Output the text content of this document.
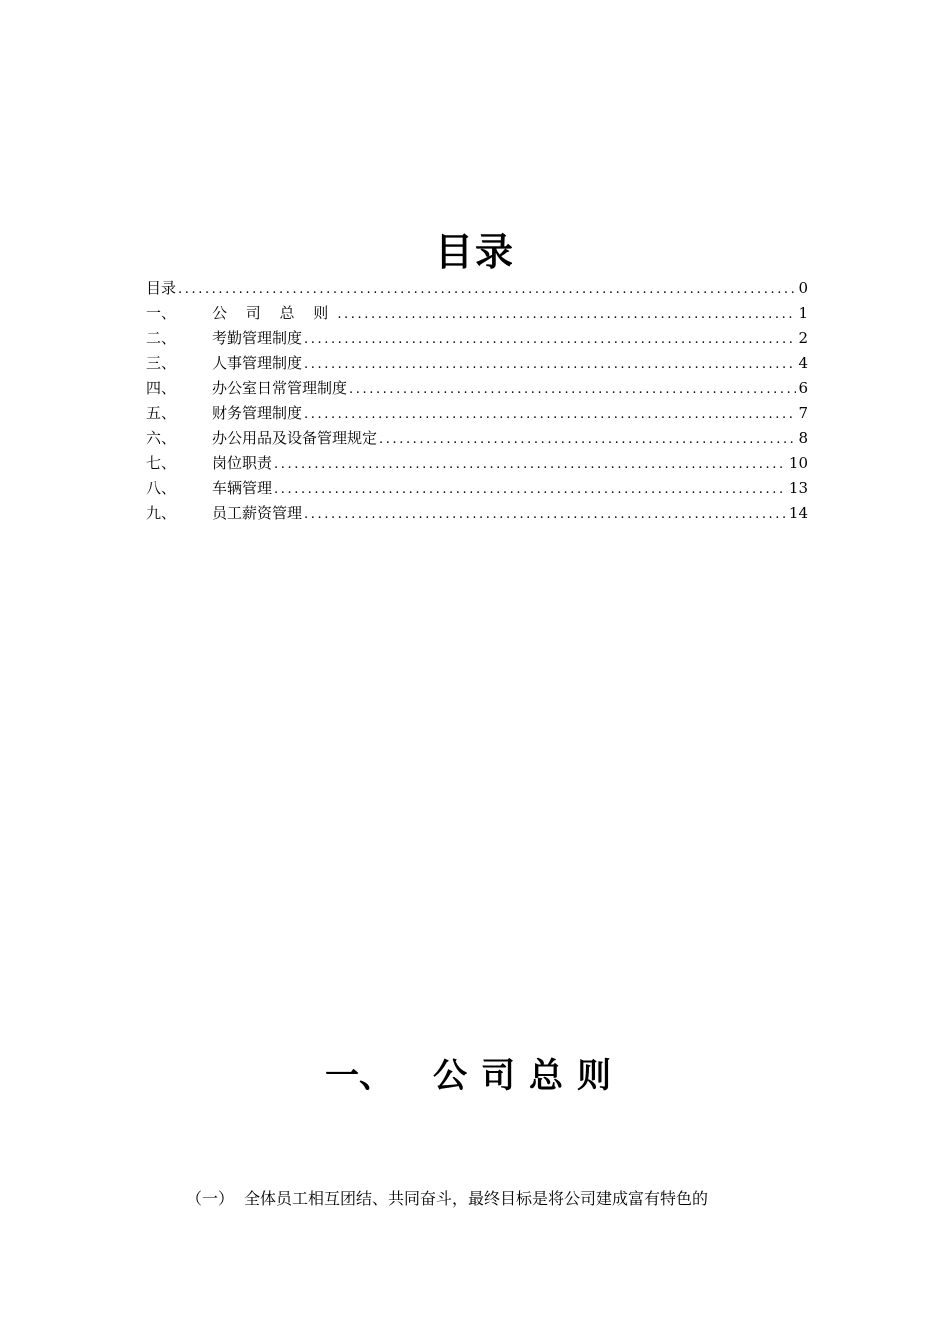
目录
目录 .....	0
一、	公 司 总 则 .....	1
二、	考勤管理制度 .....	2
三、	人事管理制度 .....	4
四、	办公室日常管理制度 .....	6
五、	财务管理制度 .....	7
六、	办公用品及设备管理规定 .....	8
七、	岗位职责 .....	10
八、	车辆管理 .....	13
九、	员工薪资管理 .....	14
一、 公司总则
（一） 全体员工相互团结、共同奋斗，最终目标是将公司建成富有特色的
